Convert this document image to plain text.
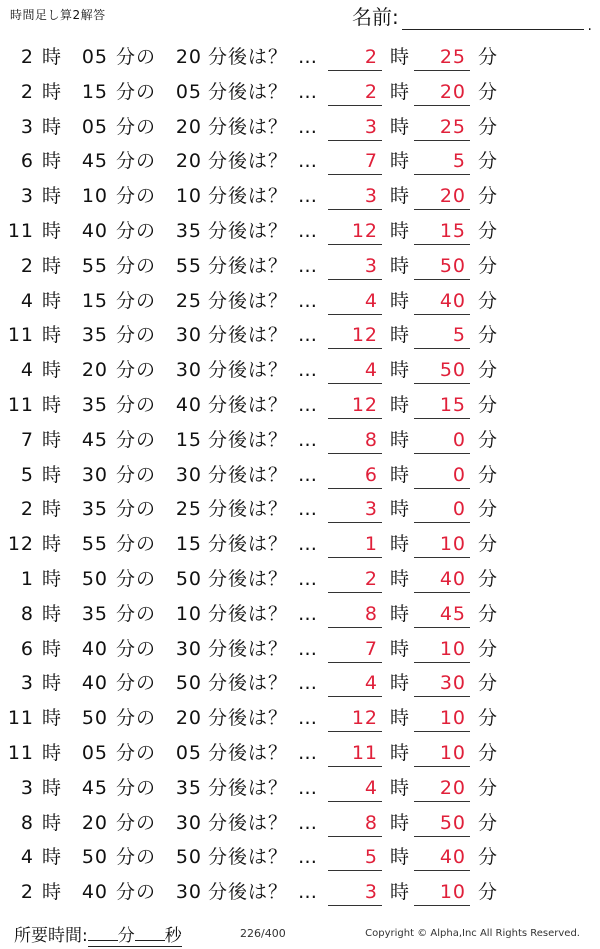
時間足し算2解答	名前:	.
2 時	05 分の	20 分後は？ …	2 時	25 分
2 時	15 分の	05 分後は？ …	2 時	20 分
3 時	05 分の	20 分後は？ …	3 時	25 分
6 時	45 分の	20 分後は？ …	7 時	5 分
3 時	10 分の	10 分後は？ …	3 時	20 分
11 時	40 分の	35 分後は？ …	12 時	15 分
2 時	55 分の	55 分後は？ …	3 時	50 分
4 時	15 分の	25 分後は？ …	4 時	40 分
11 時	35 分の	30 分後は？ …	12 時	5 分
4 時	20 分の	30 分後は？ …	4 時	50 分
11 時	35 分の	40 分後は？ …	12 時	15 分
7 時	45 分の	15 分後は？ …	8 時	0 分
5 時	30 分の	30 分後は？ …	6 時	0 分
2 時	35 分の	25 分後は？ …	3 時	0 分
12 時	55 分の	15 分後は？ …	1 時	10 分
1 時	50 分の	50 分後は？ …	2 時	40 分
8 時	35 分の	10 分後は？ …	8 時	45 分
6 時	40 分の	30 分後は？ …	7 時	10 分
3 時	40 分の	50 分後は？ …	4 時	30 分
11 時	50 分の	20 分後は？ …	12 時	10 分
11 時	05 分の	05 分後は？ …	11 時	10 分
3 時	45 分の	35 分後は？ …	4 時	20 分
8 時	20 分の	30 分後は？ …	8 時	50 分
4 時	50 分の	50 分後は？ …	5 時	40 分
2 時	40 分の	30 分後は？ …	3 時	10 分
所要時間: 分 秒	226/400	Copyright © Alpha,Inc All Rights Reserved.
